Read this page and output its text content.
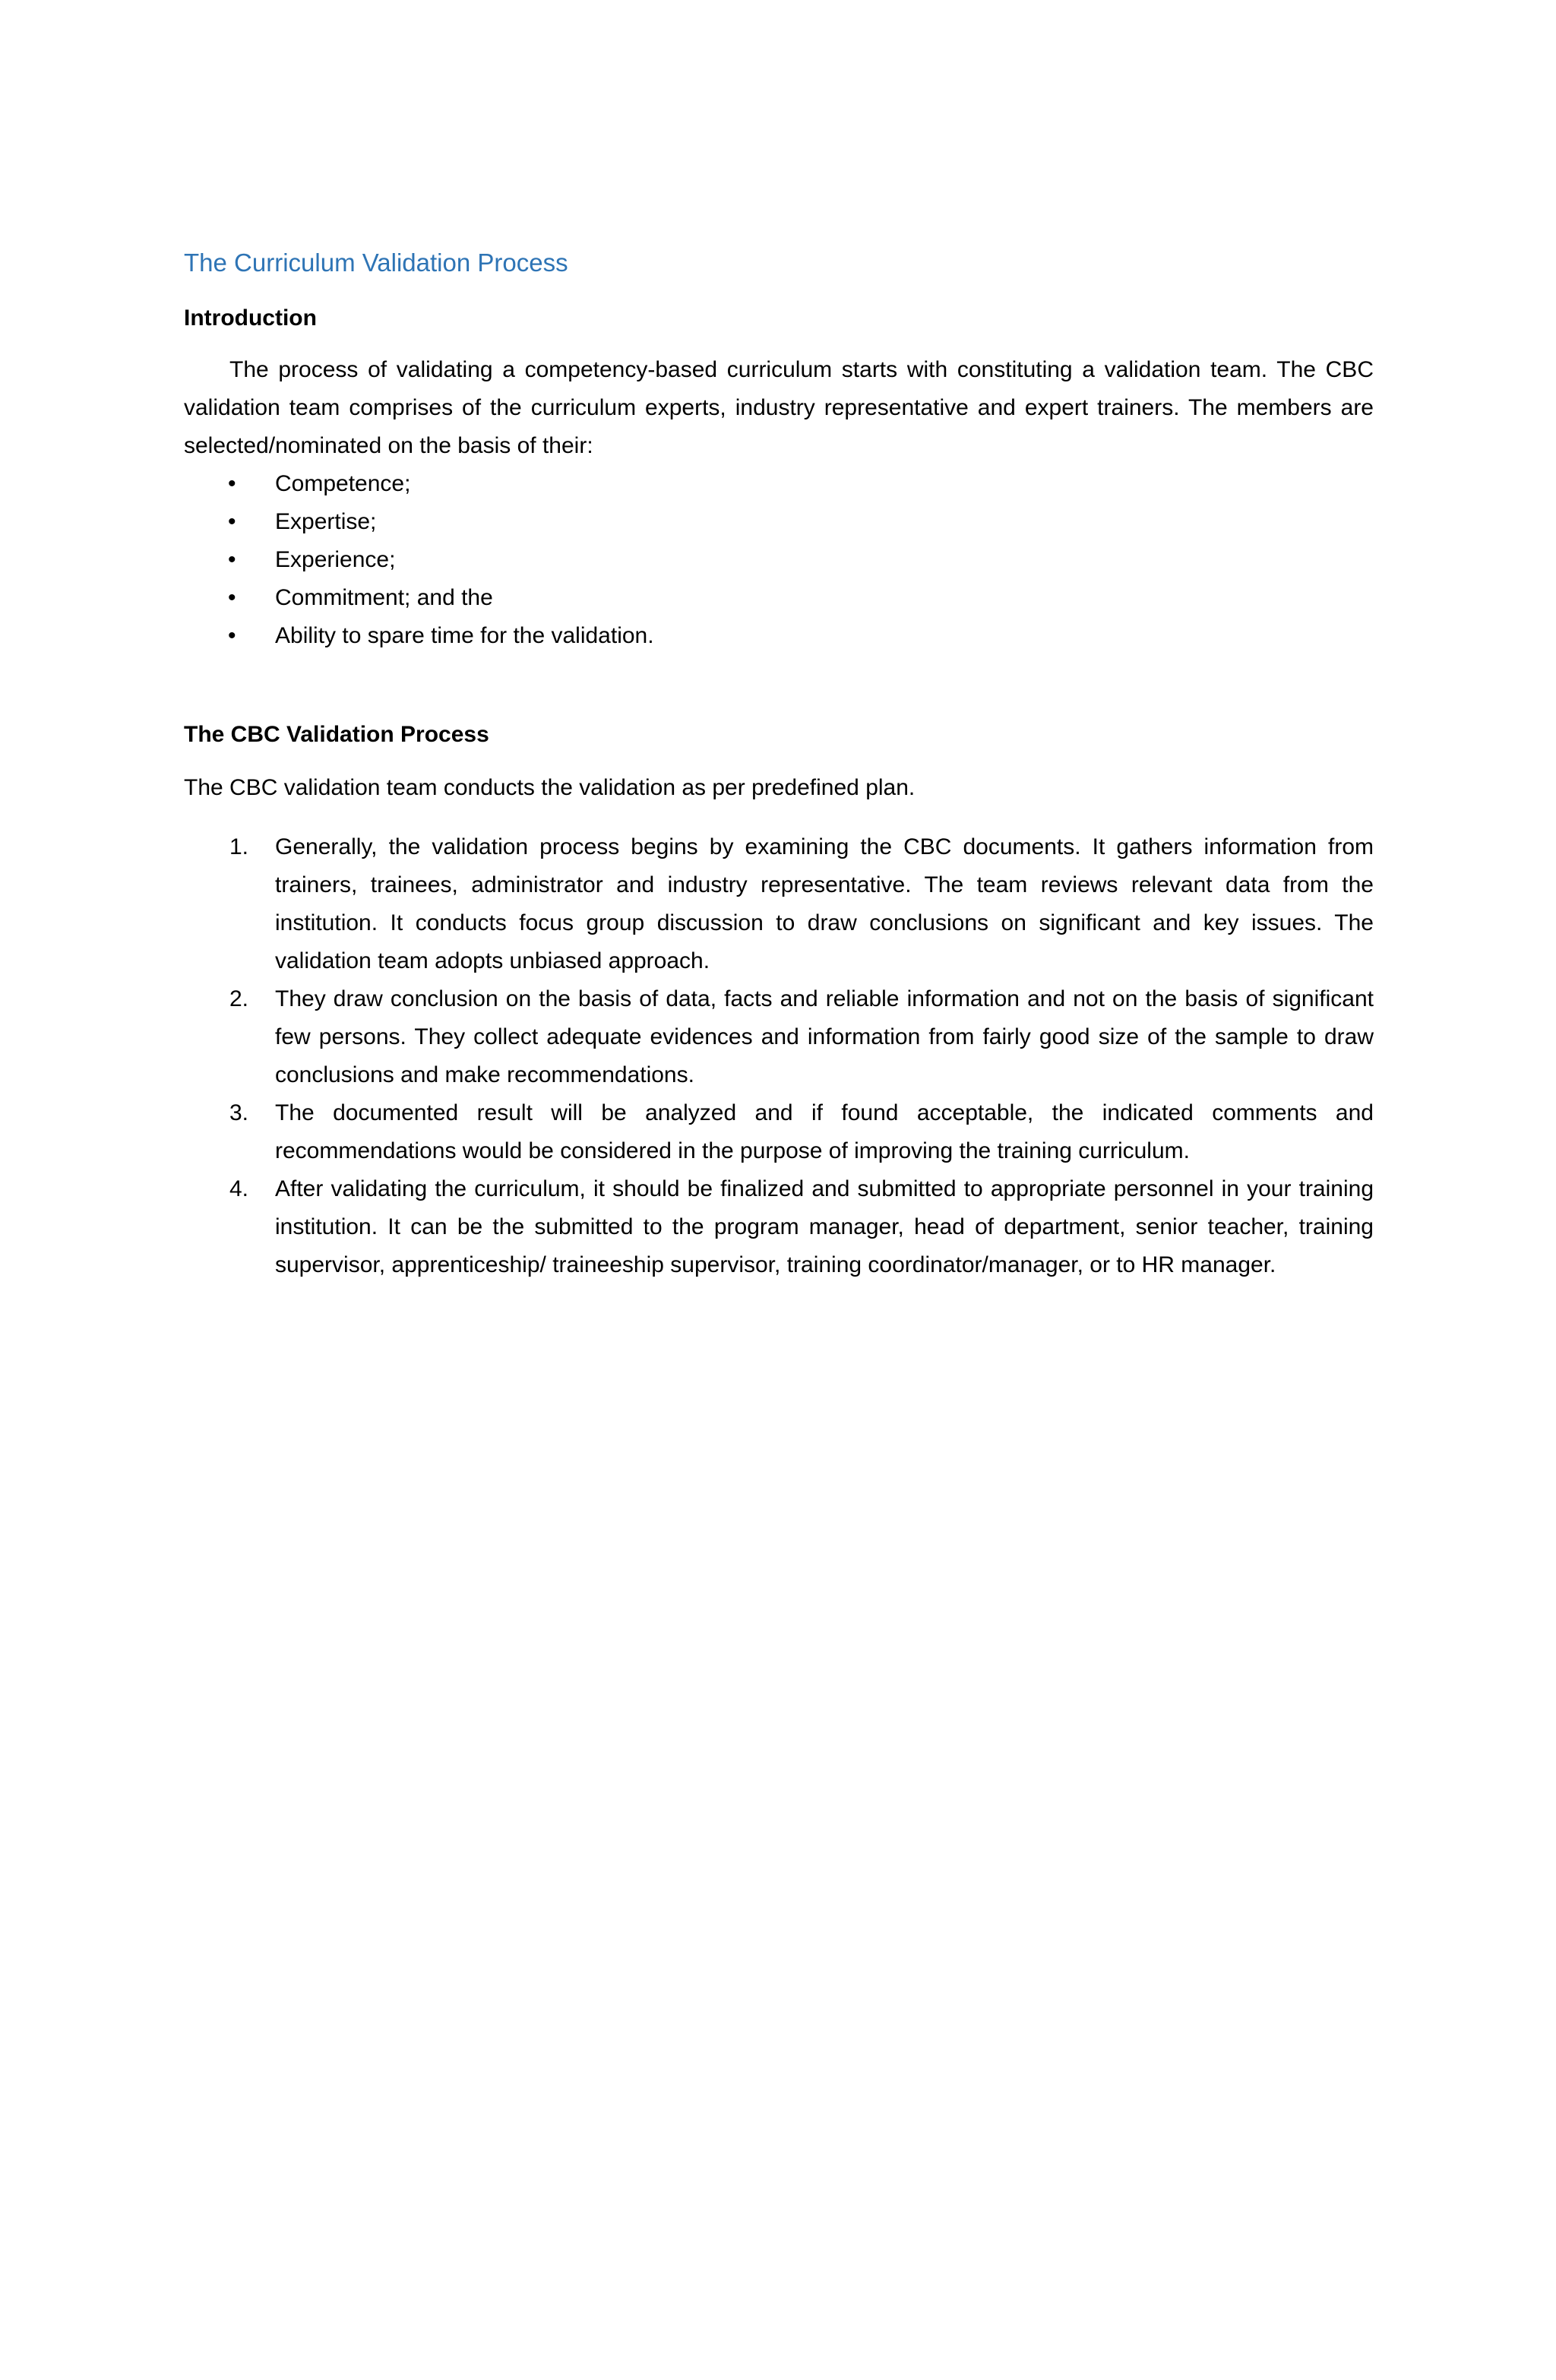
The Curriculum Validation Process
Introduction

The process of validating a competency-based curriculum starts with constituting a validation team. The CBC validation team comprises of the curriculum experts, industry representative and expert trainers. The members are selected/nominated on the basis of their:

•	Competence;
•	Expertise;
•	Experience;
•	Commitment; and the
•	Ability to spare time for the validation.
The CBC Validation Process

The CBC validation team conducts the validation as per predefined plan.

1.	Generally, the validation process begins by examining the CBC documents. It gathers information from trainers, trainees, administrator and industry representative. The team reviews relevant data from the institution. It conducts focus group discussion to draw conclusions on significant and key issues. The validation team adopts unbiased approach.
2.	They draw conclusion on the basis of data, facts and reliable information and not on the basis of significant few persons. They collect adequate evidences and information from fairly good size of the sample to draw conclusions and make recommendations.
3.	The documented result will be analyzed and if found acceptable, the indicated comments and recommendations would be considered in the purpose of improving the training curriculum.
4.	After validating the curriculum, it should be finalized and submitted to appropriate personnel in your training institution. It can be the submitted to the program manager, head of department, senior teacher, training supervisor, apprenticeship/ traineeship supervisor, training coordinator/manager, or to HR manager.
